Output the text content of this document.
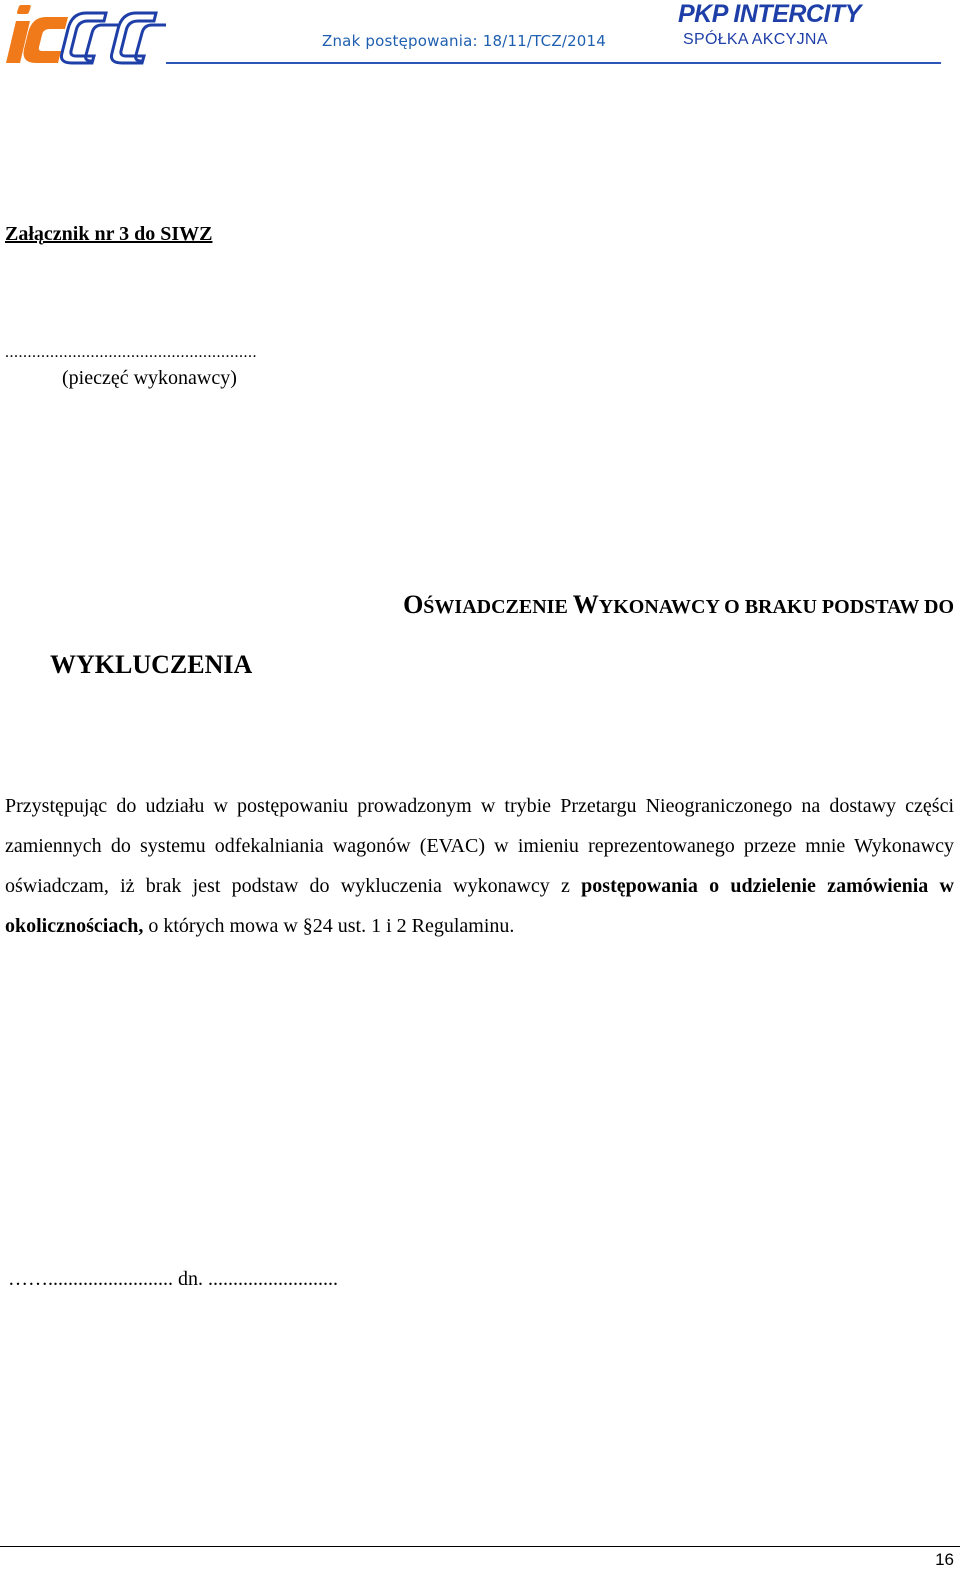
Znak postępowania: 18/11/TCZ/2014
PKP INTERCITY
SPÓŁKA AKCYJNA
Załącznik nr 3 do SIWZ
........................................................
(pieczęć wykonawcy)
OŚWIADCZENIE WYKONAWCY O BRAKU PODSTAW DO
WYKLUCZENIA

Przystępując do udziału w postępowaniu prowadzonym w trybie Przetargu Nieograniczonego na dostawy części zamiennych do systemu odfekalniania wagonów (EVAC) w imieniu reprezentowanego przeze mnie Wykonawcy oświadczam, iż brak jest podstaw do wykluczenia wykonawcy z postępowania o udzielenie zamówienia w okolicznościach, o których mowa w §24 ust. 1 i 2 Regulaminu.

……......................... dn. ..........................
16
